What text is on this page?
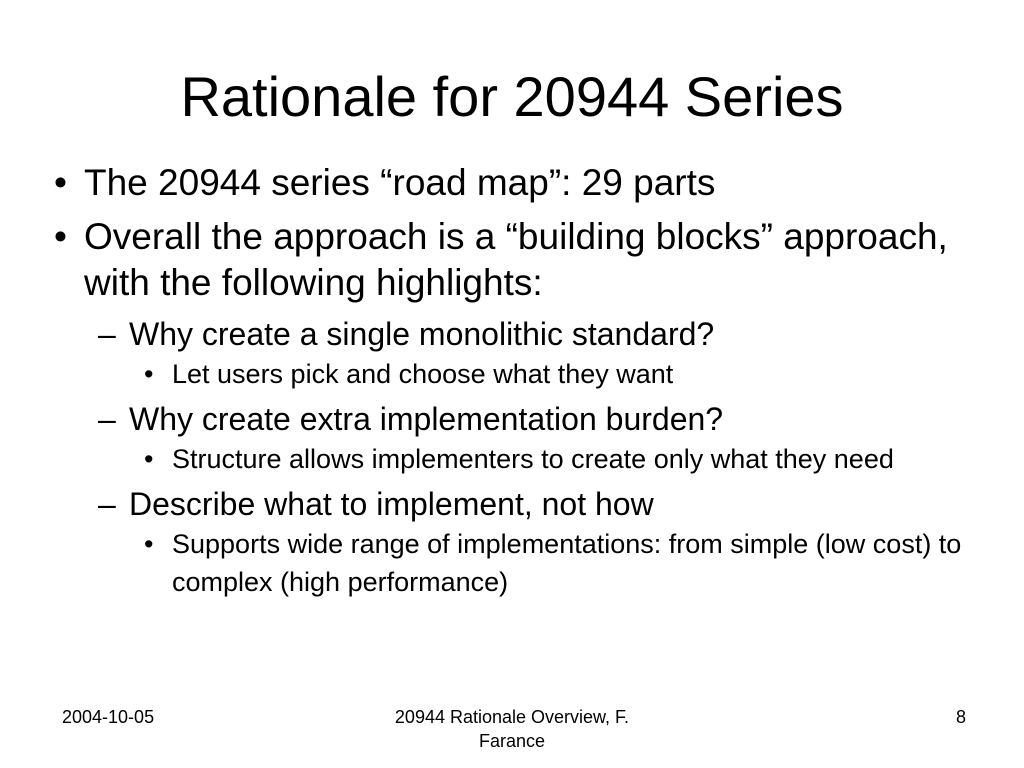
Rationale for 20944 Series
• The 20944 series “road map”: 29 parts
• Overall the approach is a “building blocks” approach, with the following highlights:
– Why create a single monolithic standard?
• Let users pick and choose what they want
– Why create extra implementation burden?
• Structure allows implementers to create only what they need
– Describe what to implement, not how
• Supports wide range of implementations: from simple (low cost) to complex (high performance)
2004-10-05	20944 Rationale Overview, F. Farance
8
